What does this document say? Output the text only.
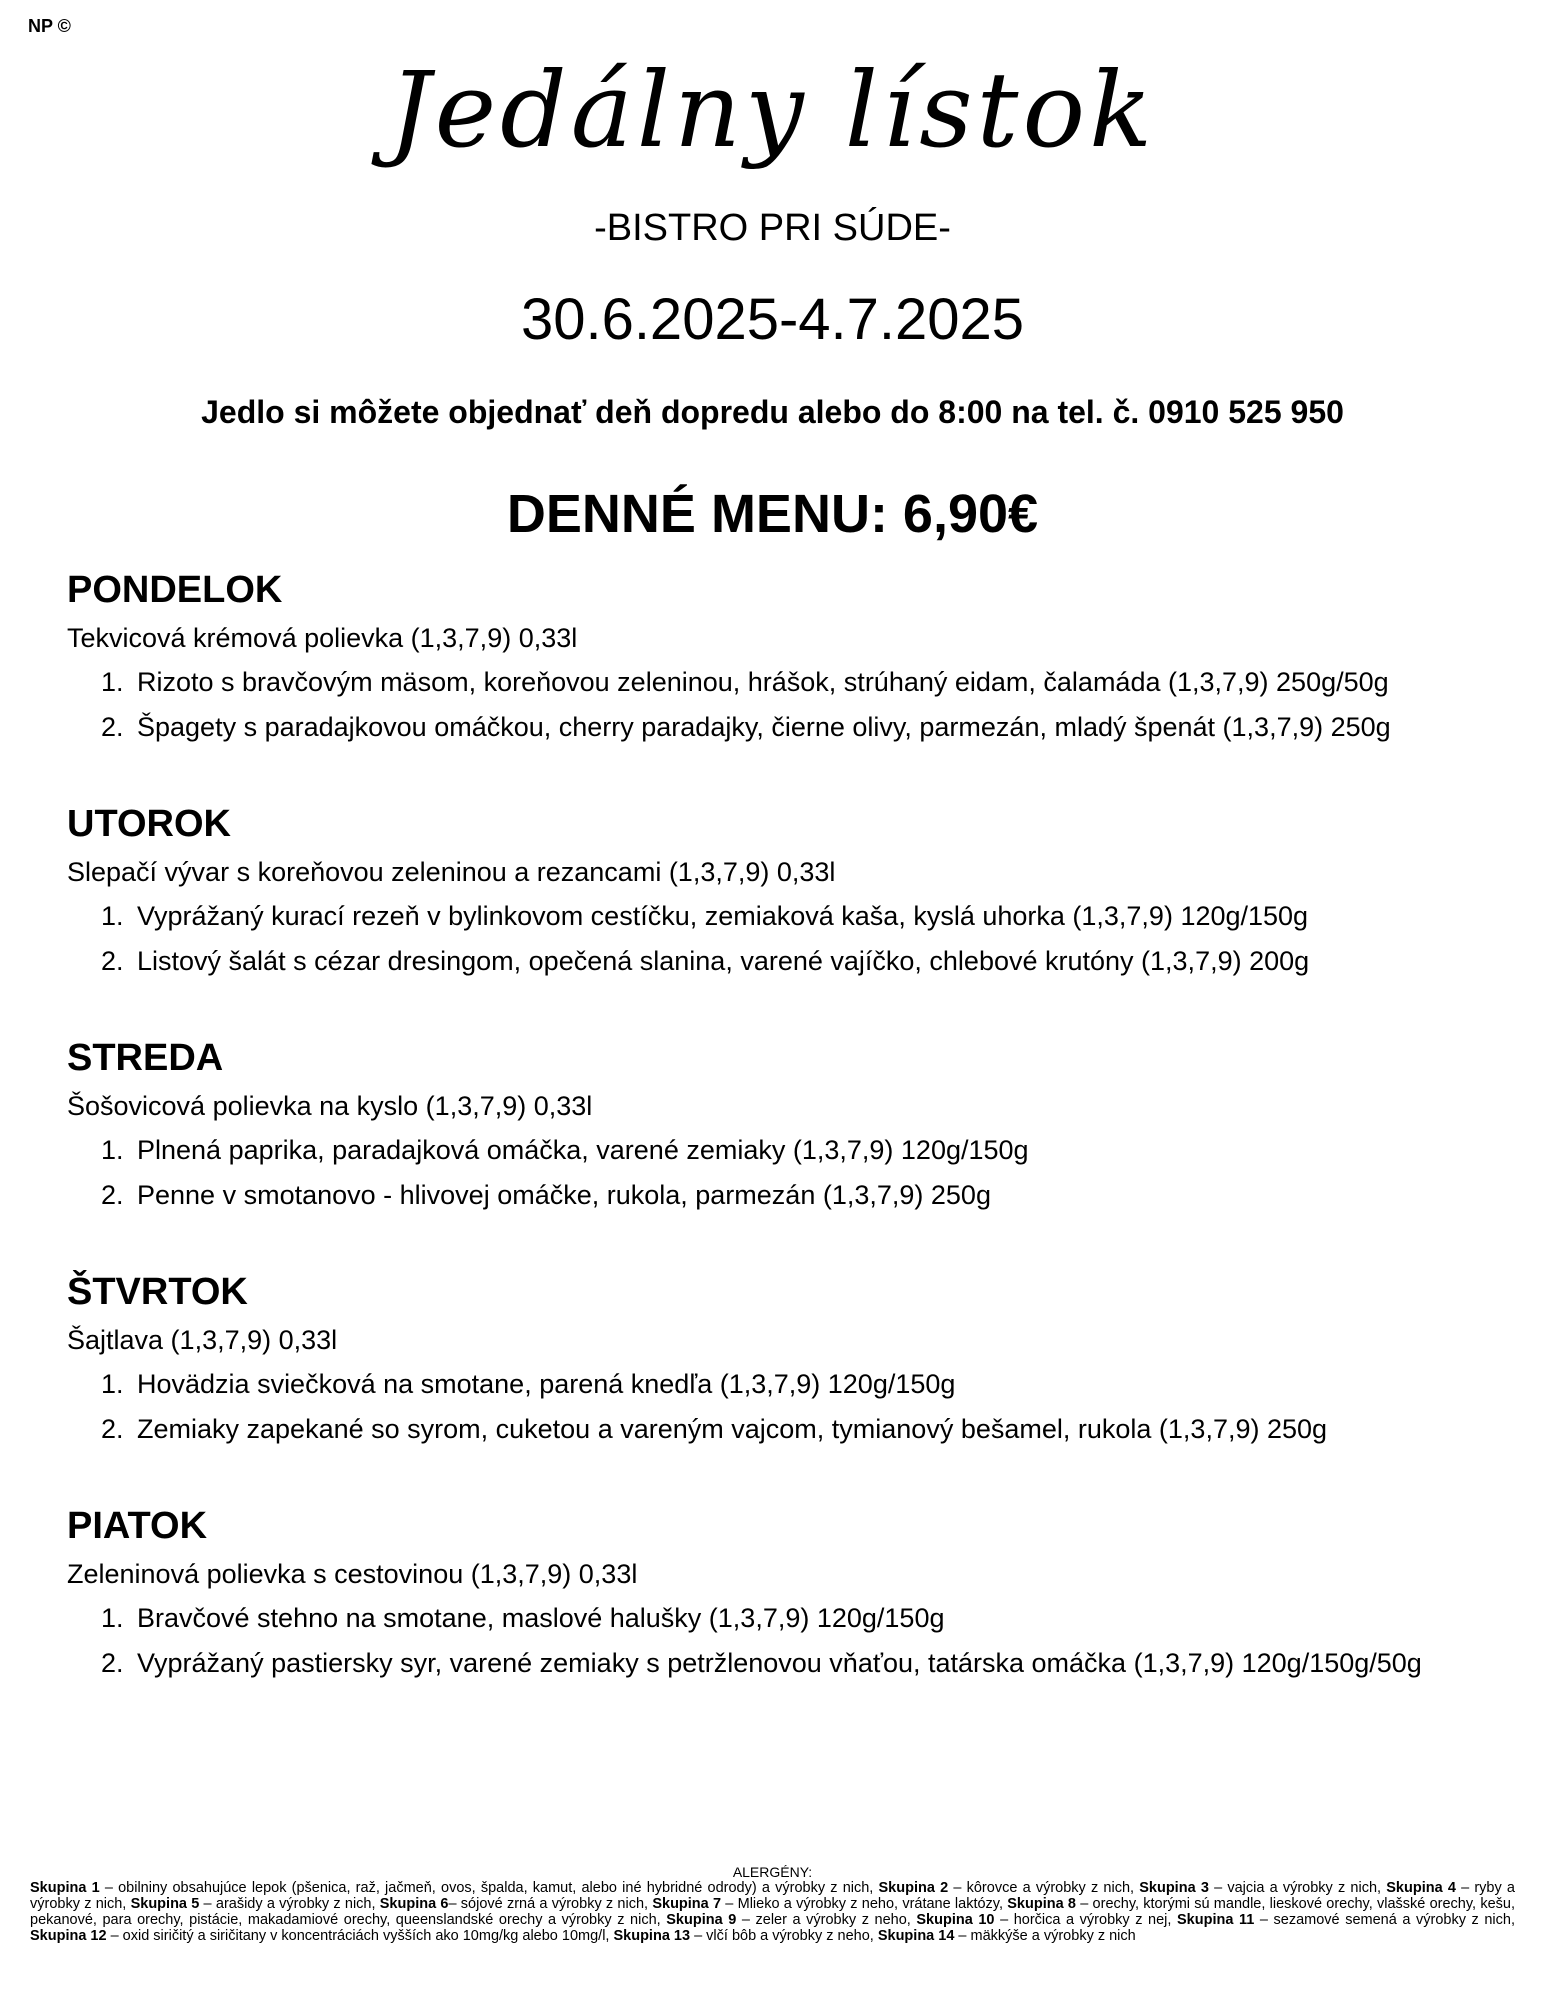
NP ©
Jedálny lístok
-BISTRO PRI SÚDE-
30.6.2025-4.7.2025
Jedlo si môžete objednať deň dopredu alebo do 8:00 na tel. č. 0910 525 950
DENNÉ MENU: 6,90€
PONDELOK
Tekvicová krémová polievka (1,3,7,9) 0,33l
1. Rizoto s bravčovým mäsom, koreňovou zeleninou, hrášok, strúhaný eidam, čalamáda (1,3,7,9) 250g/50g
2. Špagety s paradajkovou omáčkou, cherry paradajky, čierne olivy, parmezán, mladý špenát (1,3,7,9) 250g
UTOROK
Slepačí vývar s koreňovou zeleninou a rezancami (1,3,7,9) 0,33l
1. Vyprážaný kurací rezeň v bylinkovom cestíčku, zemiaková kaša, kyslá uhorka (1,3,7,9) 120g/150g
2. Listový šalát s cézar dresingom, opečená slanina, varené vajíčko, chlebové krutóny (1,3,7,9) 200g
STREDA
Šošovicová polievka na kyslo (1,3,7,9) 0,33l
1. Plnená paprika, paradajková omáčka, varené zemiaky (1,3,7,9) 120g/150g
2. Penne v smotanovo - hlivovej omáčke, rukola, parmezán (1,3,7,9) 250g
ŠTVRTOK
Šajtlava (1,3,7,9) 0,33l
1. Hovädzia sviečková na smotane, parená knedľa (1,3,7,9) 120g/150g
2. Zemiaky zapekané so syrom, cuketou a vareným vajcom, tymianový bešamel, rukola (1,3,7,9) 250g
PIATOK
Zeleninová polievka s cestovinou (1,3,7,9) 0,33l
1. Bravčové stehno na smotane, maslové halušky (1,3,7,9) 120g/150g
2. Vyprážaný pastiersky syr, varené zemiaky s petržlenovou vňaťou, tatárska omáčka (1,3,7,9) 120g/150g/50g
ALERGÉNY:
Skupina 1 – obilniny obsahujúce lepok (pšenica, raž, jačmeň, ovos, špalda, kamut, alebo iné hybridné odrody) a výrobky z nich, Skupina 2 – kôrovce a výrobky z nich, Skupina 3 – vajcia a výrobky z nich, Skupina 4 – ryby a výrobky z nich, Skupina 5 – arašidy a výrobky z nich, Skupina 6– sójové zrná a výrobky z nich, Skupina 7 – Mlieko a výrobky z neho, vrátane laktózy, Skupina 8 – orechy, ktorými sú mandle, lieskové orechy, vlašské orechy, kešu, pekanové, para orechy, pistácie, makadamiové orechy, queenslandské orechy a výrobky z nich, Skupina 9 – zeler a výrobky z neho, Skupina 10 – horčica a výrobky z nej, Skupina 11 – sezamové semená a výrobky z nich, Skupina 12 – oxid siričitý a siričitany v koncentráciách vyšších ako 10mg/kg alebo 10mg/l, Skupina 13 – vlčí bôb a výrobky z neho, Skupina 14 – mäkkýše a výrobky z nich
